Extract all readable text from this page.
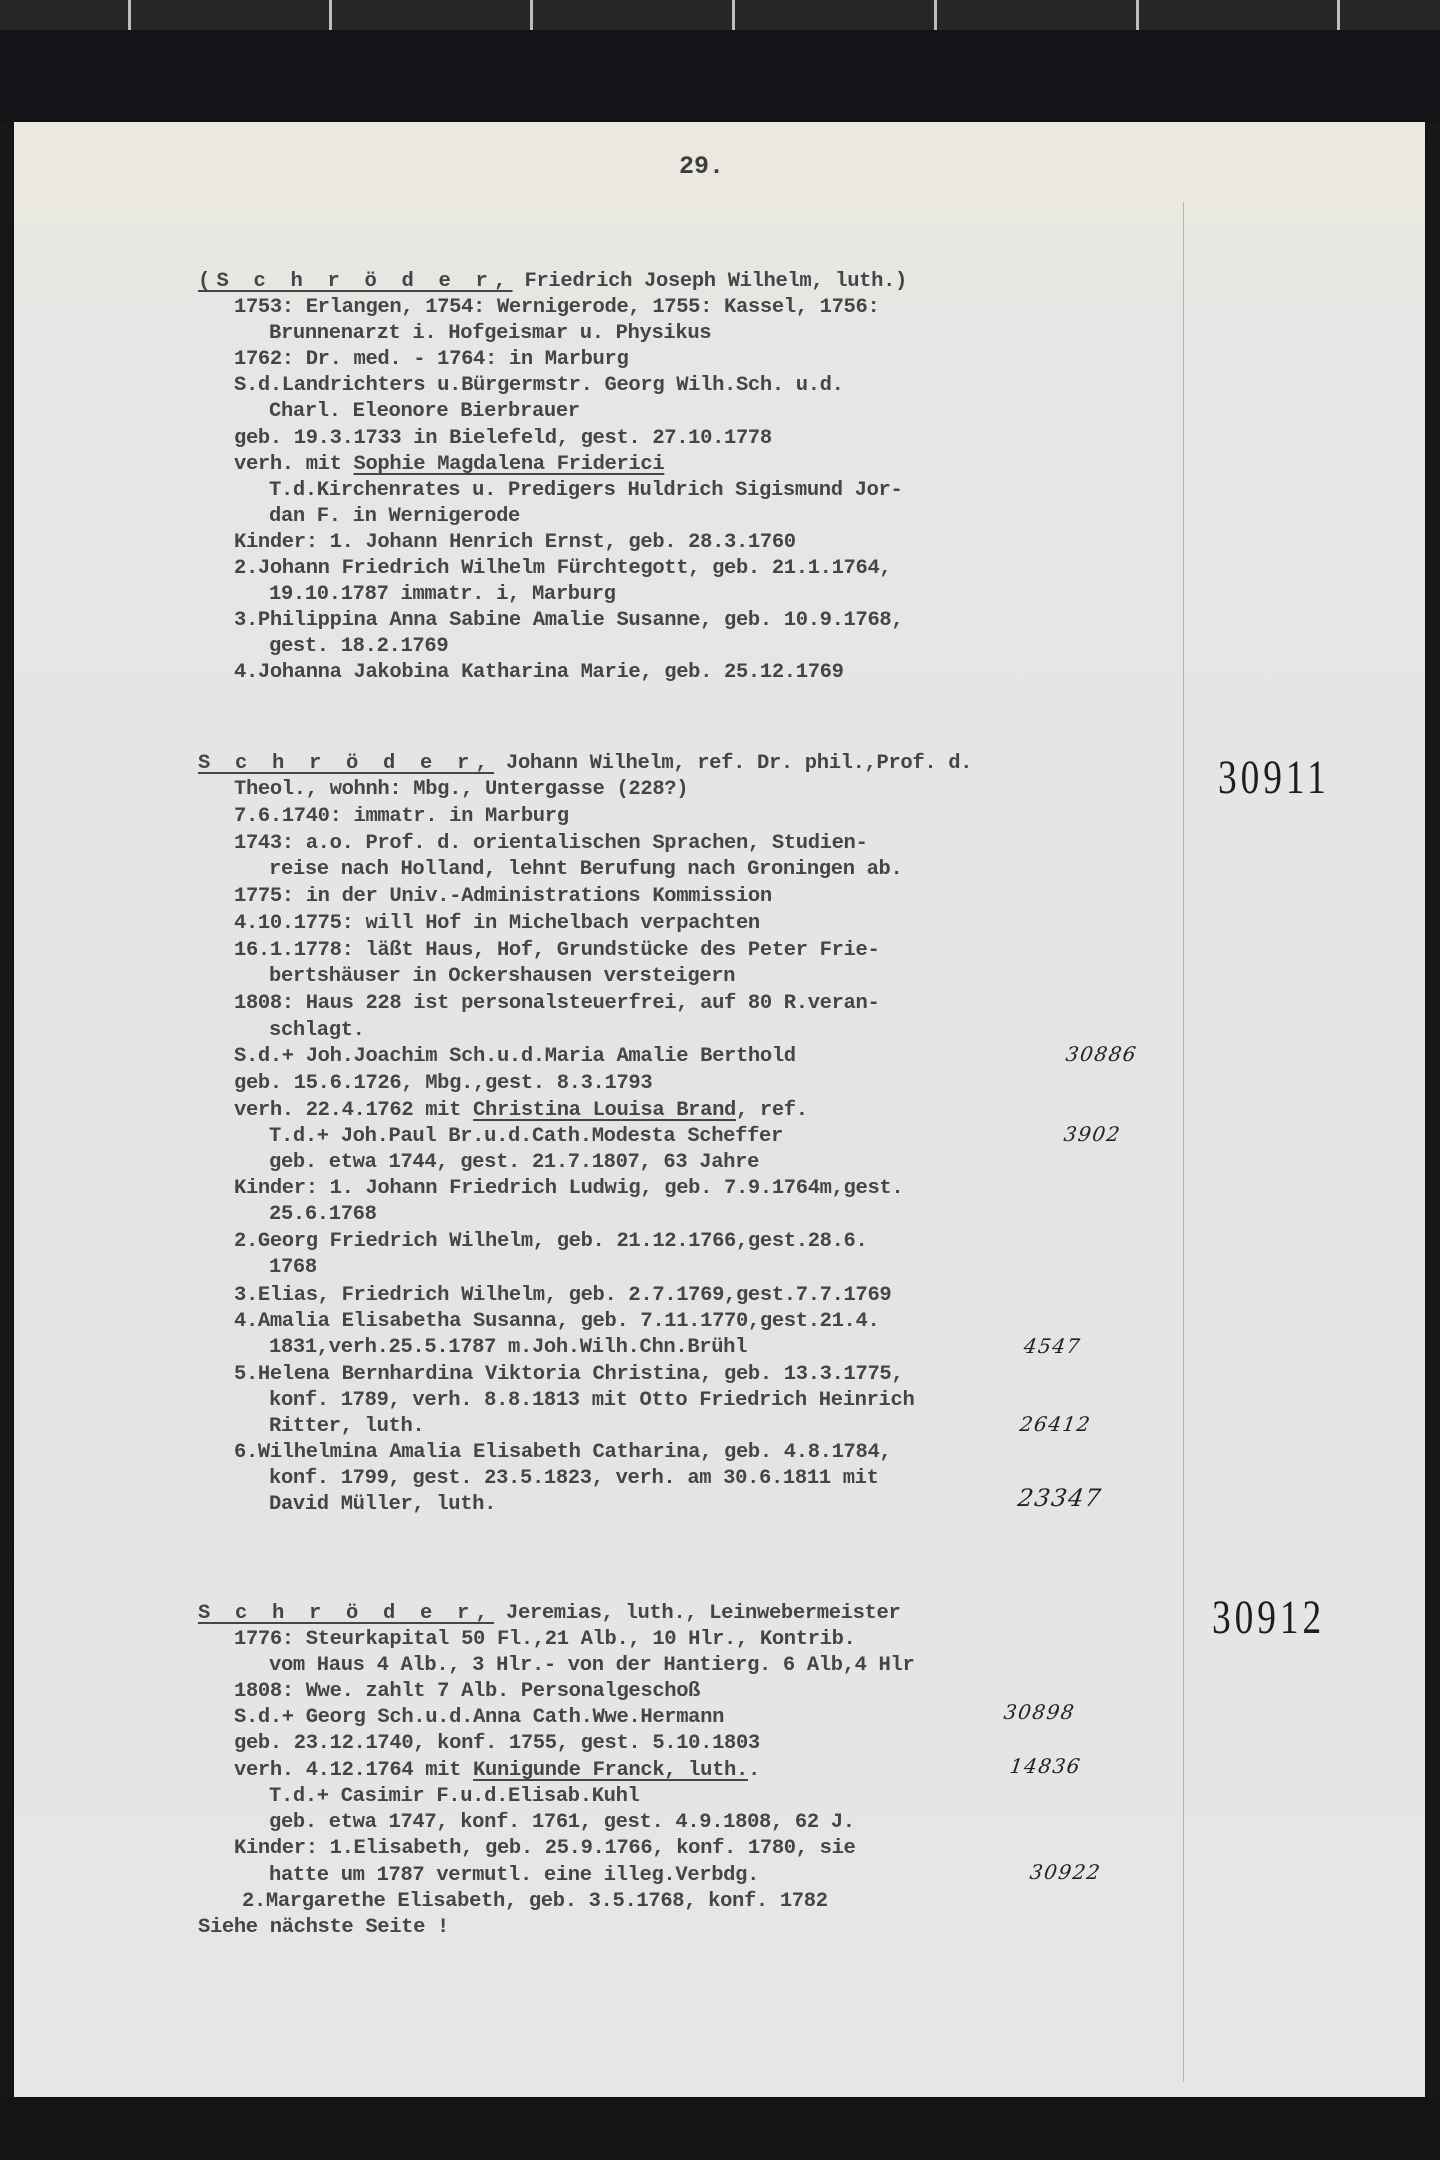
29.
(S c h r ö d e r, Friedrich Joseph Wilhelm, luth.)
1753: Erlangen, 1754: Wernigerode, 1755: Kassel, 1756:
Brunnenarzt i. Hofgeismar u. Physikus
1762: Dr. med. - 1764: in Marburg
S.d.Landrichters u.Bürgermstr. Georg Wilh.Sch. u.d.
Charl. Eleonore Bierbrauer
geb. 19.3.1733 in Bielefeld, gest. 27.10.1778
verh. mit Sophie Magdalena Friderici
T.d.Kirchenrates u. Predigers Huldrich Sigismund Jor-
dan F. in Wernigerode
Kinder: 1. Johann Henrich Ernst, geb. 28.3.1760
2.Johann Friedrich Wilhelm Fürchtegott, geb. 21.1.1764,
19.10.1787 immatr. i, Marburg
3.Philippina Anna Sabine Amalie Susanne, geb. 10.9.1768,
gest. 18.2.1769
4.Johanna Jakobina Katharina Marie, geb. 25.12.1769
30911
S c h r ö d e r, Johann Wilhelm, ref. Dr. phil.,Prof. d.
Theol., wohnh: Mbg., Untergasse (228?)
7.6.1740: immatr. in Marburg
1743: a.o. Prof. d. orientalischen Sprachen, Studien-
reise nach Holland, lehnt Berufung nach Groningen ab.
1775: in der Univ.-Administrations Kommission
4.10.1775: will Hof in Michelbach verpachten
16.1.1778: läßt Haus, Hof, Grundstücke des Peter Frie-
bertshäuser in Ockershausen versteigern
1808: Haus 228 ist personalsteuerfrei, auf 80 R.veran-
schlagt.
S.d.+ Joh.Joachim Sch.u.d.Maria Amalie Berthold	30886
geb. 15.6.1726, Mbg.,gest. 8.3.1793
verh. 22.4.1762 mit Christina Louisa Brand, ref.
T.d.+ Joh.Paul Br.u.d.Cath.Modesta Scheffer	3902
geb. etwa 1744, gest. 21.7.1807, 63 Jahre
Kinder: 1. Johann Friedrich Ludwig, geb. 7.9.1764m,gest.
25.6.1768
2.Georg Friedrich Wilhelm, geb. 21.12.1766,gest.28.6.
1768
3.Elias, Friedrich Wilhelm, geb. 2.7.1769,gest.7.7.1769
4.Amalia Elisabetha Susanna, geb. 7.11.1770,gest.21.4.
1831,verh.25.5.1787 m.Joh.Wilh.Chn.Brühl	4547
5.Helena Bernhardina Viktoria Christina, geb. 13.3.1775,
konf. 1789, verh. 8.8.1813 mit Otto Friedrich Heinrich
Ritter, luth.	26412
6.Wilhelmina Amalia Elisabeth Catharina, geb. 4.8.1784,
konf. 1799, gest. 23.5.1823, verh. am 30.6.1811 mit
David Müller, luth.	23347
30912
S c h r ö d e r, Jeremias, luth., Leinwebermeister
1776: Steurkapital 50 Fl.,21 Alb., 10 Hlr., Kontrib.
vom Haus 4 Alb., 3 Hlr.- von der Hantierg. 6 Alb,4 Hlr
1808: Wwe. zahlt 7 Alb. Personalgeschoß
S.d.+ Georg Sch.u.d.Anna Cath.Wwe.Hermann	30898
geb. 23.12.1740, konf. 1755, gest. 5.10.1803
verh. 4.12.1764 mit Kunigunde Franck, luth..	14836
T.d.+ Casimir F.u.d.Elisab.Kuhl
geb. etwa 1747, konf. 1761, gest. 4.9.1808, 62 J.
Kinder: 1.Elisabeth, geb. 25.9.1766, konf. 1780, sie
hatte um 1787 vermutl. eine illeg.Verbdg.	30922
2.Margarethe Elisabeth, geb. 3.5.1768, konf. 1782
Siehe nächste Seite !
